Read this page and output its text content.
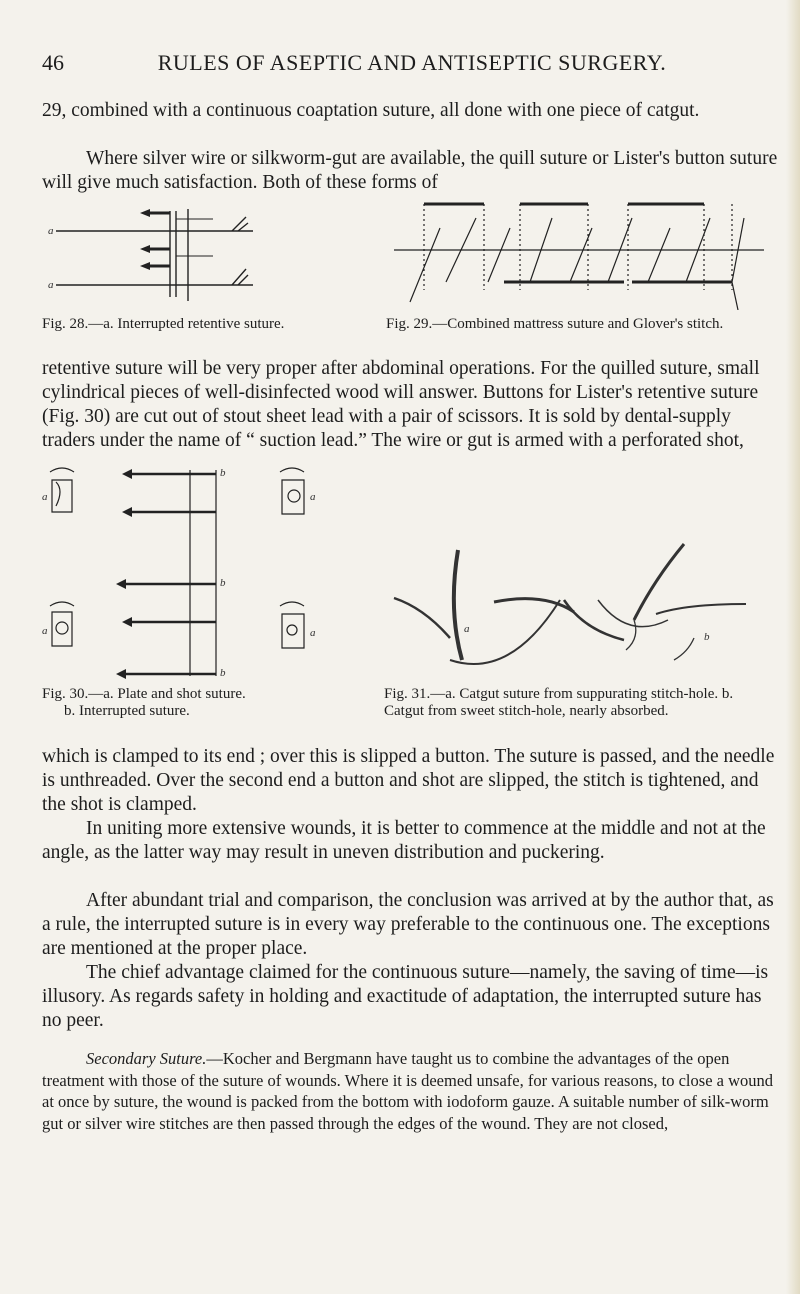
46	RULES OF ASEPTIC AND ANTISEPTIC SURGERY.

29, combined with a continuous coaptation suture, all done with one piece of catgut.

Where silver wire or silkworm-gut are available, the quill suture or Lister's button suture will give much satisfaction. Both of these forms of

a
a

Fig. 28.—a. Interrupted retentive suture.	Fig. 29.—Combined mattress suture and Glover's stitch.

retentive suture will be very proper after abdominal operations. For the quilled suture, small cylindrical pieces of well-disinfected wood will answer. Buttons for Lister's retentive suture (Fig. 30) are cut out of stout sheet lead with a pair of scissors. It is sold by dental-supply traders under the name of “ suction lead.” The wire or gut is armed with a perforated shot,

a
a
a
a
b
b
b

Fig. 30.—a. Plate and shot suture.

b. Interrupted suture.

a
b

Fig. 31.—a. Catgut suture from suppurating stitch-hole. b. Catgut from sweet stitch-hole, nearly absorbed.

which is clamped to its end ; over this is slipped a button. The suture is passed, and the needle is unthreaded. Over the second end a button and shot are slipped, the stitch is tightened, and the shot is clamped.

In uniting more extensive wounds, it is better to commence at the middle and not at the angle, as the latter way may result in uneven distribution and puckering.

After abundant trial and comparison, the conclusion was arrived at by the author that, as a rule, the interrupted suture is in every way preferable to the continuous one. The exceptions are mentioned at the proper place.

The chief advantage claimed for the continuous suture—namely, the saving of time—is illusory. As regards safety in holding and exactitude of adaptation, the interrupted suture has no peer.

Secondary Suture.—Kocher and Bergmann have taught us to combine the advantages of the open treatment with those of the suture of wounds. Where it is deemed unsafe, for various reasons, to close a wound at once by suture, the wound is packed from the bottom with iodoform gauze. A suitable number of silk-worm gut or silver wire stitches are then passed through the edges of the wound. They are not closed,
